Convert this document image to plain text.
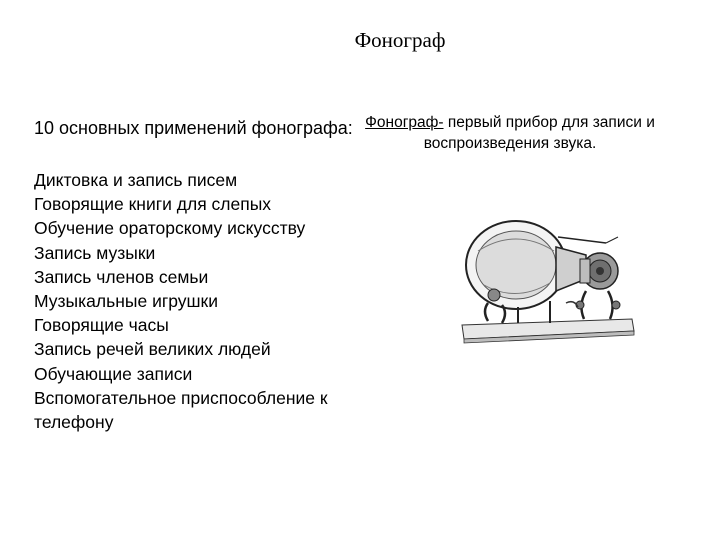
Фонограф
10 основных применений фонографа: Фонограф- первый прибор для записи и воспроизведения звука.
Диктовка и запись писем
Говорящие книги для слепых
Обучение ораторскому искусству
Запись музыки
Запись членов семьи
Музыкальные игрушки
Говорящие часы
Запись речей великих людей
Обучающие записи
Вспомогательное приспособление к телефону
